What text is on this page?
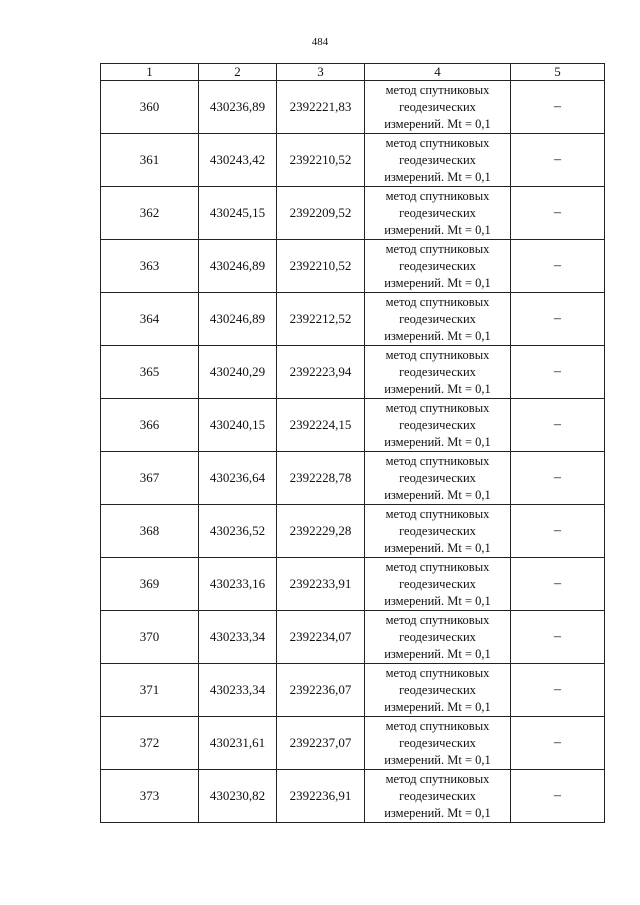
484
1	2	3	4	5
360	430236,89	2392221,83	метод спутниковых
геодезических
измерений. Mt = 0,1	–
361	430243,42	2392210,52	метод спутниковых
геодезических
измерений. Mt = 0,1	–
362	430245,15	2392209,52	метод спутниковых
геодезических
измерений. Mt = 0,1	–
363	430246,89	2392210,52	метод спутниковых
геодезических
измерений. Mt = 0,1	–
364	430246,89	2392212,52	метод спутниковых
геодезических
измерений. Mt = 0,1	–
365	430240,29	2392223,94	метод спутниковых
геодезических
измерений. Mt = 0,1	–
366	430240,15	2392224,15	метод спутниковых
геодезических
измерений. Mt = 0,1	–
367	430236,64	2392228,78	метод спутниковых
геодезических
измерений. Mt = 0,1	–
368	430236,52	2392229,28	метод спутниковых
геодезических
измерений. Mt = 0,1	–
369	430233,16	2392233,91	метод спутниковых
геодезических
измерений. Mt = 0,1	–
370	430233,34	2392234,07	метод спутниковых
геодезических
измерений. Mt = 0,1	–
371	430233,34	2392236,07	метод спутниковых
геодезических
измерений. Mt = 0,1	–
372	430231,61	2392237,07	метод спутниковых
геодезических
измерений. Mt = 0,1	–
373	430230,82	2392236,91	метод спутниковых
геодезических
измерений. Mt = 0,1	–
